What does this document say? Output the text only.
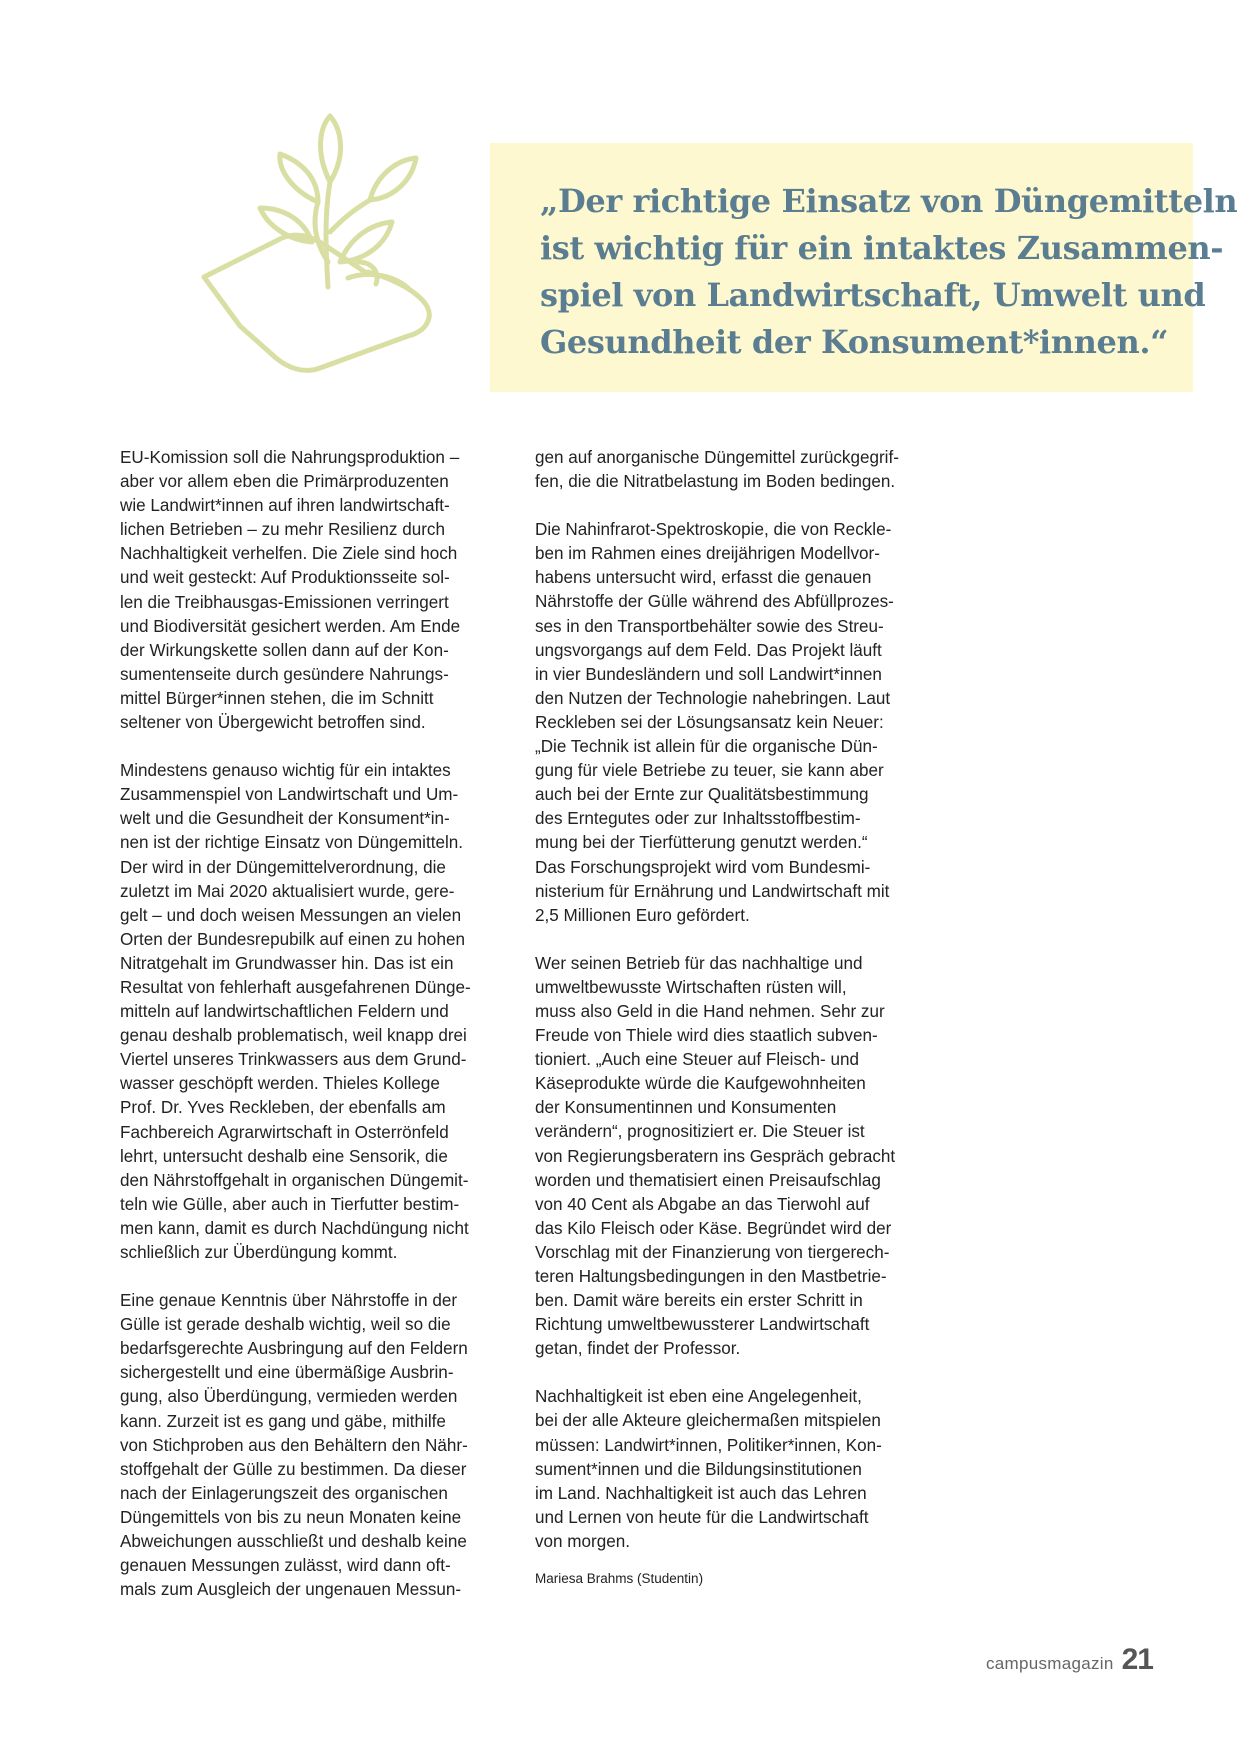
„Der richtige Einsatz von Düngemitteln
ist wichtig für ein intaktes Zusammen-
spiel von Landwirtschaft, Umwelt und
Gesundheit der Konsument*innen.“
EU-Komission soll die Nahrungsproduktion –
aber vor allem eben die Primärproduzenten
wie Landwirt*innen auf ihren landwirtschaft-
lichen Betrieben – zu mehr Resilienz durch
Nachhaltigkeit verhelfen. Die Ziele sind hoch
und weit gesteckt: Auf Produktionsseite sol-
len die Treibhausgas-Emissionen verringert
und Biodiversität gesichert werden. Am Ende
der Wirkungskette sollen dann auf der Kon-
sumentenseite durch gesündere Nahrungs-
mittel Bürger*innen stehen, die im Schnitt
seltener von Übergewicht betroffen sind.
Mindestens genauso wichtig für ein intaktes
Zusammenspiel von Landwirtschaft und Um-
welt und die Gesundheit der Konsument*in-
nen ist der richtige Einsatz von Düngemitteln.
Der wird in der Düngemittelverordnung, die
zuletzt im Mai 2020 aktualisiert wurde, gere-
gelt – und doch weisen Messungen an vielen
Orten der Bundesrepubilk auf einen zu hohen
Nitratgehalt im Grundwasser hin. Das ist ein
Resultat von fehlerhaft ausgefahrenen Dünge-
mitteln auf landwirtschaftlichen Feldern und
genau deshalb problematisch, weil knapp drei
Viertel unseres Trinkwassers aus dem Grund-
wasser geschöpft werden. Thieles Kollege
Prof. Dr. Yves Reckleben, der ebenfalls am
Fachbereich Agrarwirtschaft in Osterrönfeld
lehrt, untersucht deshalb eine Sensorik, die
den Nährstoffgehalt in organischen Düngemit-
teln wie Gülle, aber auch in Tierfutter bestim-
men kann, damit es durch Nachdüngung nicht
schließlich zur Überdüngung kommt.
Eine genaue Kenntnis über Nährstoffe in der
Gülle ist gerade deshalb wichtig, weil so die
bedarfsgerechte Ausbringung auf den Feldern
sichergestellt und eine übermäßige Ausbrin-
gung, also Überdüngung, vermieden werden
kann. Zurzeit ist es gang und gäbe, mithilfe
von Stichproben aus den Behältern den Nähr-
stoffgehalt der Gülle zu bestimmen. Da dieser
nach der Einlagerungszeit des organischen
Düngemittels von bis zu neun Monaten keine
Abweichungen ausschließt und deshalb keine
genauen Messungen zulässt, wird dann oft-
mals zum Ausgleich der ungenauen Messun-
gen auf anorganische Düngemittel zurückgegrif-
fen, die die Nitratbelastung im Boden bedingen.
Die Nahinfrarot-Spektroskopie, die von Reckle-
ben im Rahmen eines dreijährigen Modellvor-
habens untersucht wird, erfasst die genauen
Nährstoffe der Gülle während des Abfüllprozes-
ses in den Transportbehälter sowie des Streu-
ungsvorgangs auf dem Feld. Das Projekt läuft
in vier Bundesländern und soll Landwirt*innen
den Nutzen der Technologie nahebringen. Laut
Reckleben sei der Lösungsansatz kein Neuer:
„Die Technik ist allein für die organische Dün-
gung für viele Betriebe zu teuer, sie kann aber
auch bei der Ernte zur Qualitätsbestimmung
des Erntegutes oder zur Inhaltsstoffbestim-
mung bei der Tierfütterung genutzt werden.“
Das Forschungsprojekt wird vom Bundesmi-
nisterium für Ernährung und Landwirtschaft mit
2,5 Millionen Euro gefördert.
Wer seinen Betrieb für das nachhaltige und
umweltbewusste Wirtschaften rüsten will,
muss also Geld in die Hand nehmen. Sehr zur
Freude von Thiele wird dies staatlich subven-
tioniert. „Auch eine Steuer auf Fleisch- und
Käseprodukte würde die Kaufgewohnheiten
der Konsumentinnen und Konsumenten
verändern“, prognositiziert er. Die Steuer ist
von Regierungsberatern ins Gespräch gebracht
worden und thematisiert einen Preisaufschlag
von 40 Cent als Abgabe an das Tierwohl auf
das Kilo Fleisch oder Käse. Begründet wird der
Vorschlag mit der Finanzierung von tiergerech-
teren Haltungsbedingungen in den Mastbetrie-
ben. Damit wäre bereits ein erster Schritt in
Richtung umweltbewussterer Landwirtschaft
getan, findet der Professor.
Nachhaltigkeit ist eben eine Angelegenheit,
bei der alle Akteure gleichermaßen mitspielen
müssen: Landwirt*innen, Politiker*innen, Kon-
sument*innen und die Bildungsinstitutionen
im Land. Nachhaltigkeit ist auch das Lehren
und Lernen von heute für die Landwirtschaft
von morgen.
Mariesa Brahms (Studentin)
campusmagazin 21
